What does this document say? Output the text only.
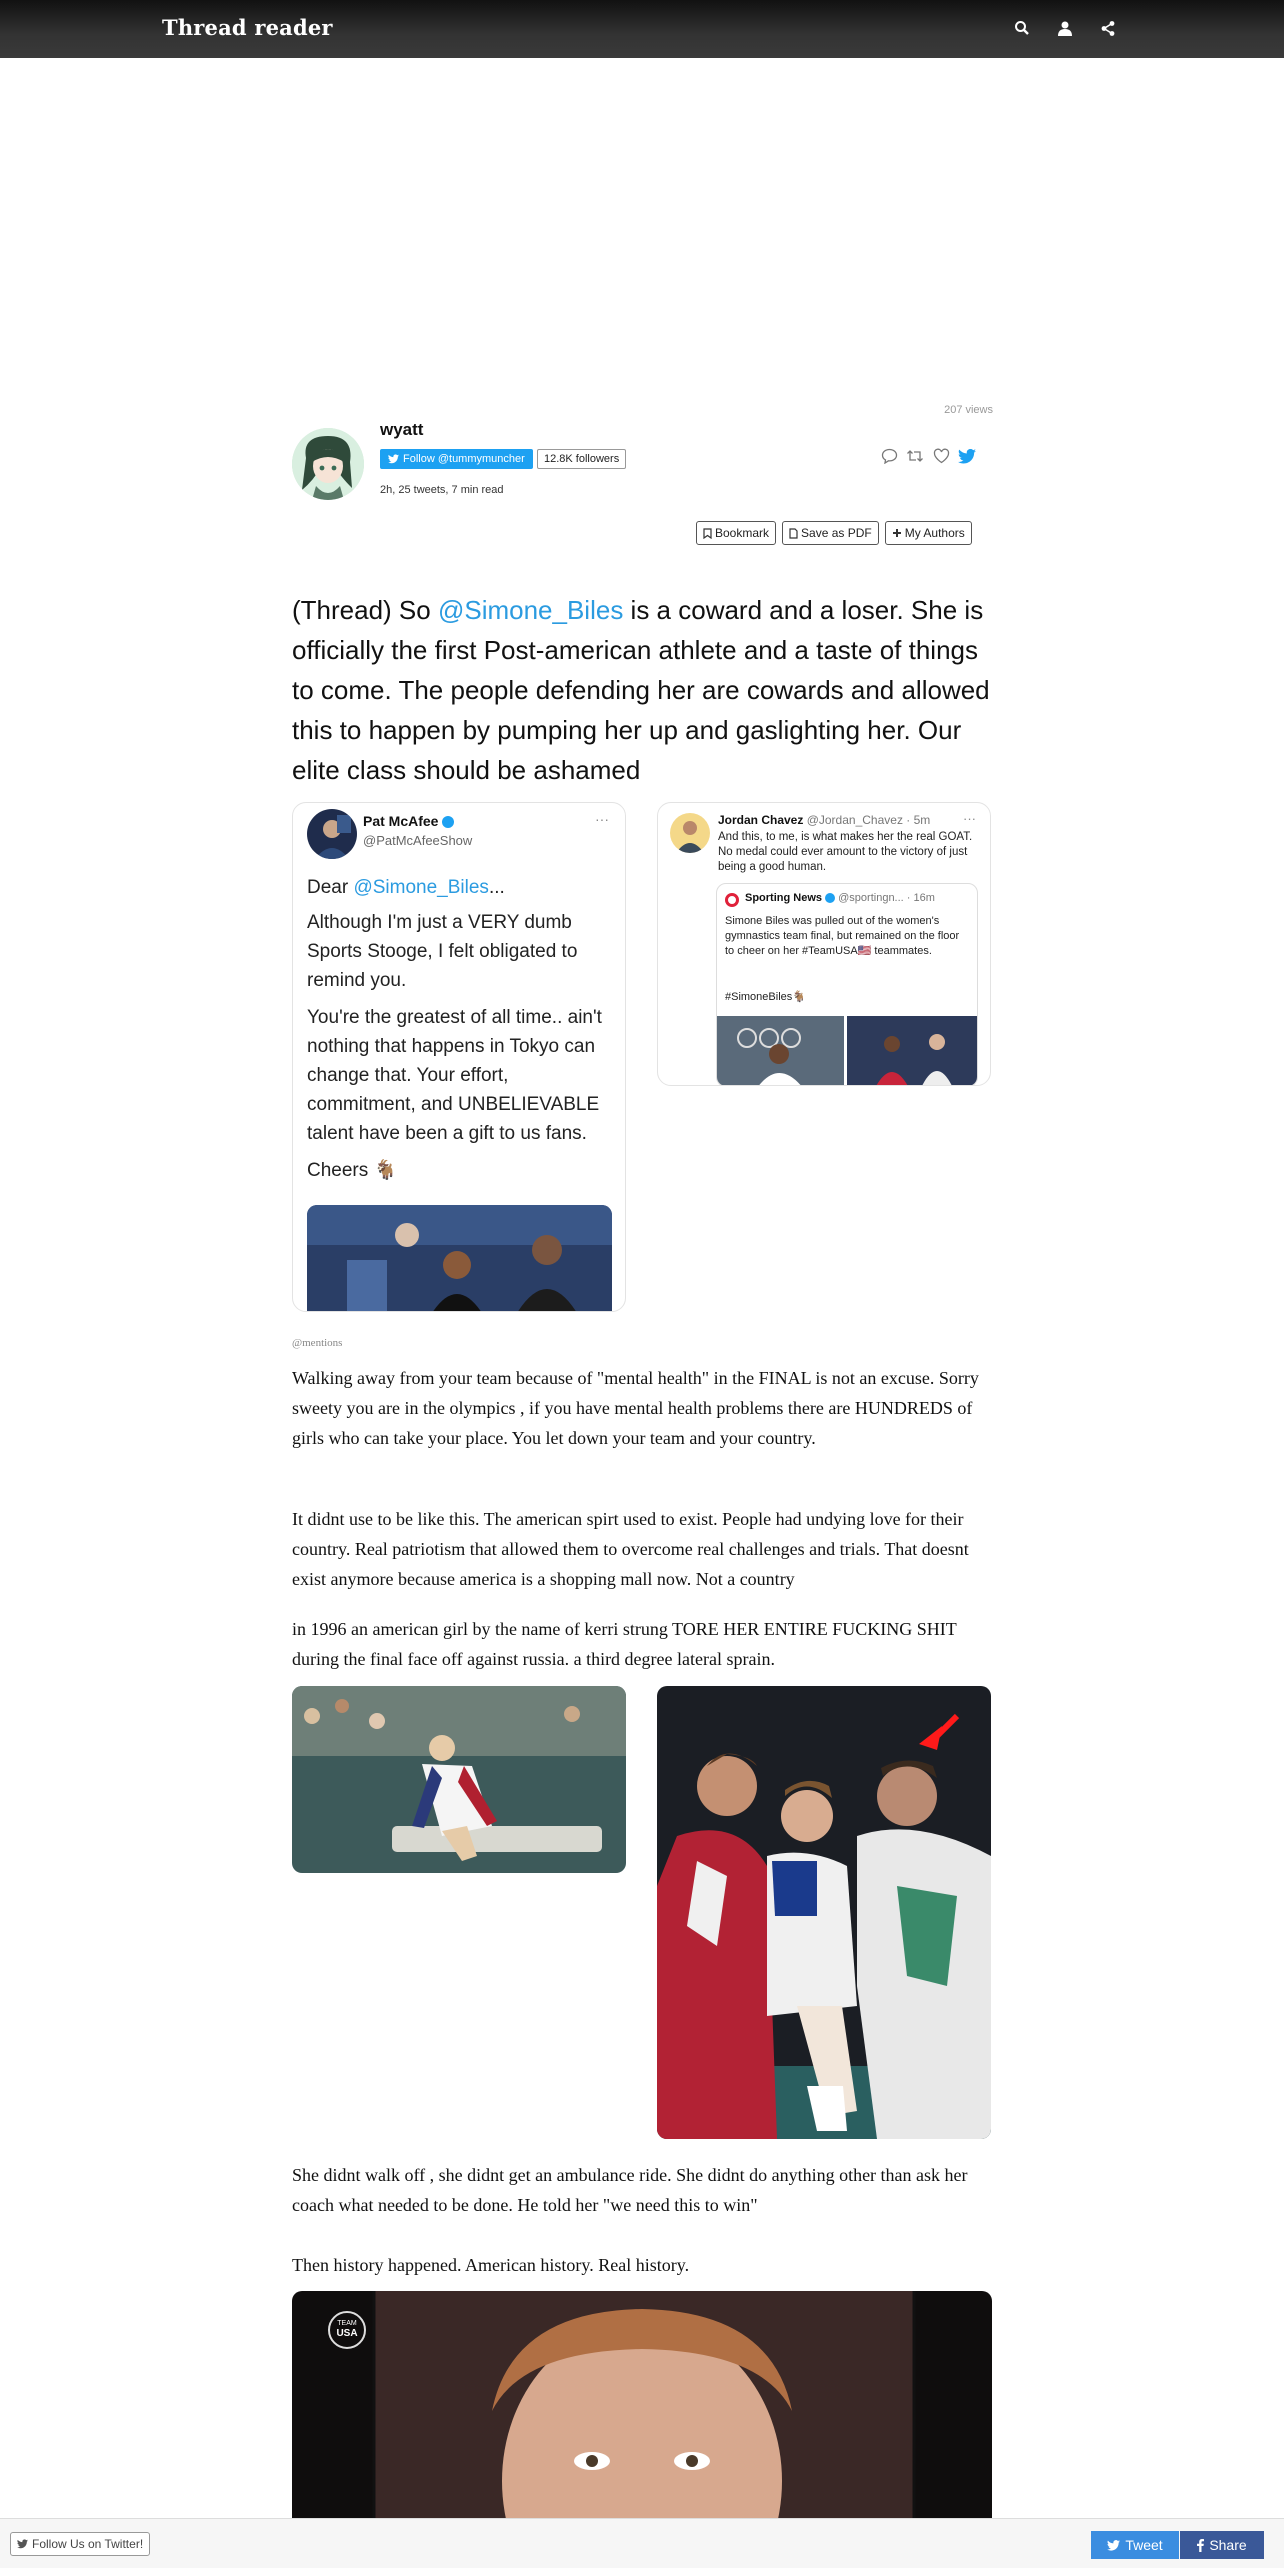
Thread reader
207 views
wyatt
Follow @tummymuncher	12.8K followers
2h, 25 tweets, 7 min read
Bookmark	Save as PDF	My Authors
(Thread) So @Simone_Biles is a coward and a loser. She is officially the first Post-american athlete and a taste of things to come. The people defending her are cowards and allowed this to happen by pumping her up and gaslighting her. Our elite class should be ashamed
Pat McAfee
@PatMcAfeeShow
···
Dear @Simone_Biles...
Although I'm just a VERY dumb Sports Stooge, I felt obligated to remind you.
You're the greatest of all time.. ain't nothing that happens in Tokyo can change that. Your effort, commitment, and UNBELIEVABLE talent have been a gift to us fans.
Cheers 🐐
Jordan Chavez @Jordan_Chavez · 5m	···
And this, to me, is what makes her the real GOAT. No medal could ever amount to the victory of just being a good human.
Sporting News @sportingn... · 16m
Simone Biles was pulled out of the women's gymnastics team final, but remained on the floor to cheer on her #TeamUSA🇺🇸 teammates.
#SimoneBiles🐐
@mentions
Walking away from your team because of "mental health" in the FINAL is not an excuse. Sorry sweety you are in the olympics , if you have mental health problems there are HUNDREDS of girls who can take your place. You let down your team and your country.
It didnt use to be like this. The american spirt used to exist. People had undying love for their country. Real patriotism that allowed them to overcome real challenges and trials. That doesnt exist anymore because america is a shopping mall now. Not a country
in 1996 an american girl by the name of kerri strung TORE HER ENTIRE FUCKING SHIT during the final face off against russia. a third degree lateral sprain.
She didnt walk off , she didnt get an ambulance ride. She didnt do anything other than ask her coach what needed to be done. He told her "we need this to win"
Then history happened. American history. Real history.
TEAM
USA
Follow Us on Twitter!	Tweet	Share
